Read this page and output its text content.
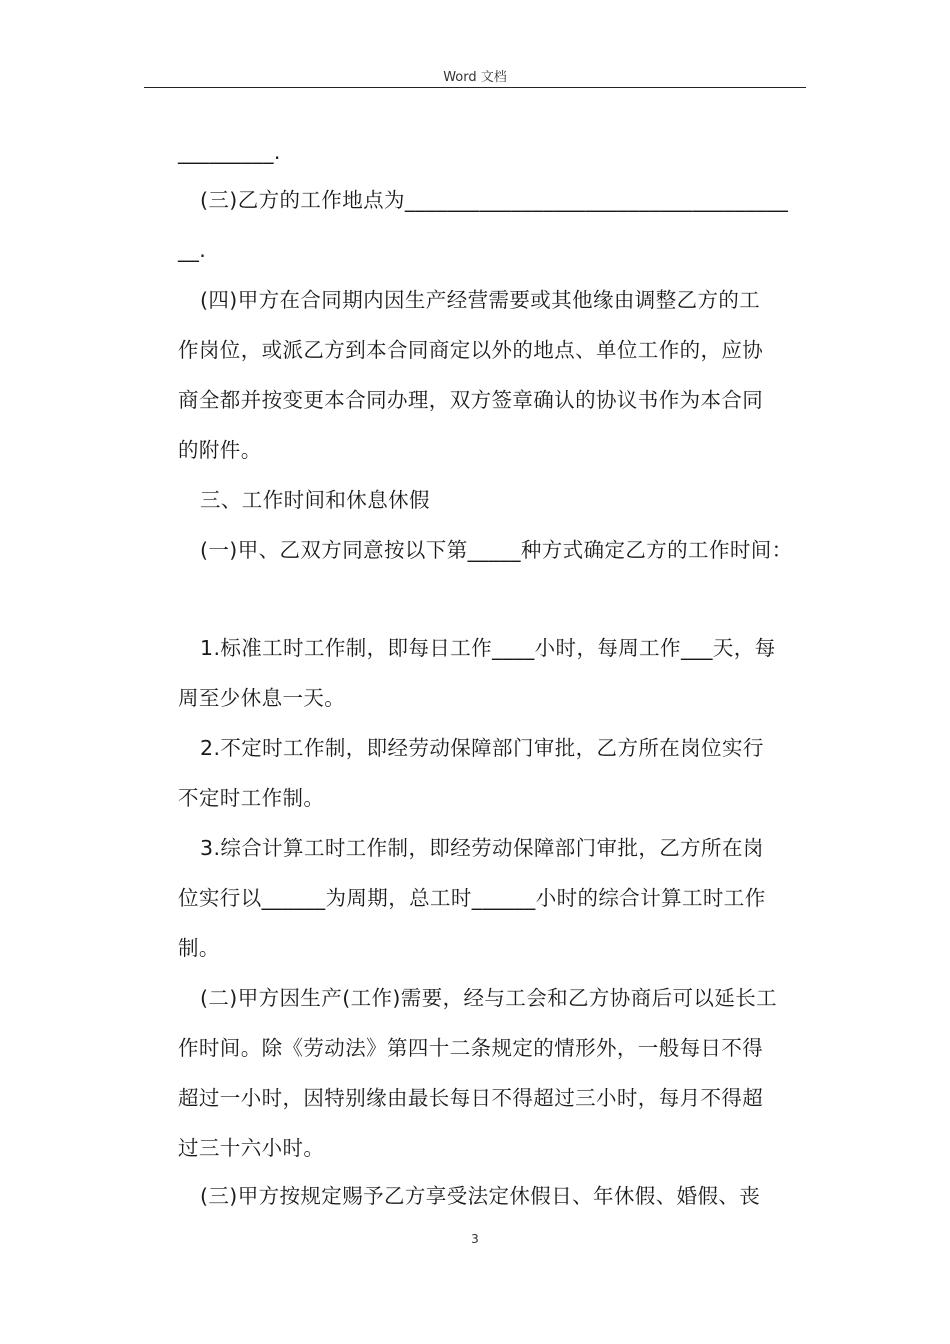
Word 文档
_________.
(三)乙方的工作地点为____________________________________
__.
(四)甲方在合同期内因生产经营需要或其他缘由调整乙方的工
作岗位，或派乙方到本合同商定以外的地点、单位工作的，应协
商全都并按变更本合同办理，双方签章确认的协议书作为本合同
的附件。
三、工作时间和休息休假
(一)甲、乙双方同意按以下第_____种方式确定乙方的工作时间：
1.标准工时工作制，即每日工作____小时，每周工作___天，每
周至少休息一天。
2.不定时工作制，即经劳动保障部门审批，乙方所在岗位实行
不定时工作制。
3.综合计算工时工作制，即经劳动保障部门审批，乙方所在岗
位实行以______为周期，总工时______小时的综合计算工时工作
制。
(二)甲方因生产(工作)需要，经与工会和乙方协商后可以延长工
作时间。除《劳动法》第四十二条规定的情形外，一般每日不得
超过一小时，因特别缘由最长每日不得超过三小时，每月不得超
过三十六小时。
(三)甲方按规定赐予乙方享受法定休假日、年休假、婚假、丧
3
